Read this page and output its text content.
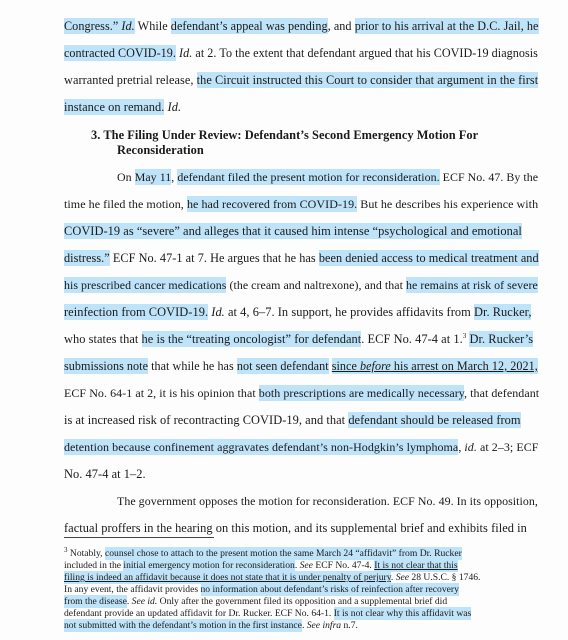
Congress.” Id. While defendant’s appeal was pending, and prior to his arrival at the D.C. Jail, he
contracted COVID-19. Id. at 2. To the extent that defendant argued that his COVID-19 diagnosis
warranted pretrial release, the Circuit instructed this Court to consider that argument in the first
instance on remand. Id.
3. The Filing Under Review: Defendant’s Second Emergency Motion For
Reconsideration
On May 11, defendant filed the present motion for reconsideration. ECF No. 47. By the
time he filed the motion, he had recovered from COVID-19. But he describes his experience with
COVID-19 as “severe” and alleges that it caused him intense “psychological and emotional
distress.” ECF No. 47-1 at 7. He argues that he has been denied access to medical treatment and
his prescribed cancer medications (the cream and naltrexone), and that he remains at risk of severe
reinfection from COVID-19. Id. at 4, 6–7. In support, he provides affidavits from Dr. Rucker,
who states that he is the “treating oncologist” for defendant. ECF No. 47-4 at 1.$^3$ Dr. Rucker’s
submissions note that while he has not seen defendant since before his arrest on March 12, 2021,
ECF No. 64-1 at 2, it is his opinion that both prescriptions are medically necessary, that defendant
is at increased risk of recontracting COVID-19, and that defendant should be released from
detention because confinement aggravates defendant’s non-Hodgkin’s lymphoma, id. at 2–3; ECF
No. 47-4 at 1–2.
The government opposes the motion for reconsideration. ECF No. 49. In its opposition,
factual proffers in the hearing on this motion, and its supplemental brief and exhibits filed in
$^3$ Notably, counsel chose to attach to the present motion the same March 24 “affidavit” from Dr. Rucker
included in the initial emergency motion for reconsideration. See ECF No. 47-4. It is not clear that this
filing is indeed an affidavit because it does not state that it is under penalty of perjury. See 28 U.S.C. § 1746.
In any event, the affidavit provides no information about defendant’s risks of reinfection after recovery
from the disease. See id. Only after the government filed its opposition and a supplemental brief did
defendant provide an updated affidavit for Dr. Rucker. ECF No. 64-1. It is not clear why this affidavit was
not submitted with the defendant’s motion in the first instance. See infra n.7.
